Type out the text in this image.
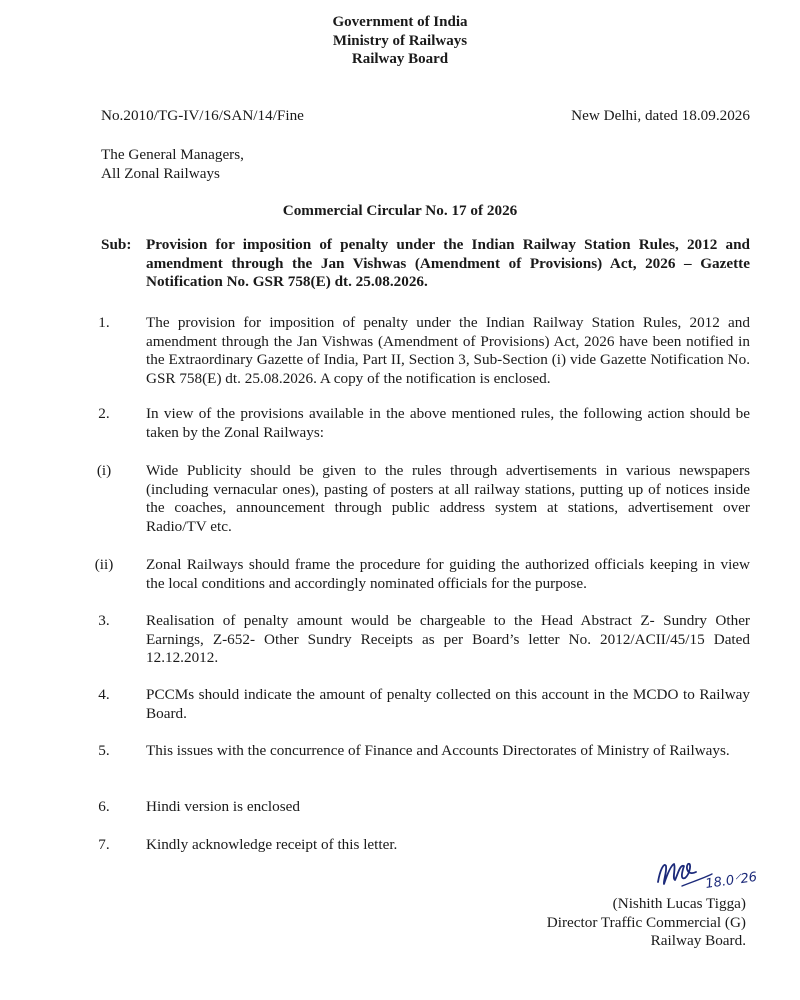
Government of India
Ministry of Railways
Railway Board
No.2010/TG-IV/16/SAN/14/Fine	New Delhi, dated 18.09.2026
The General Managers,
All Zonal Railways
Commercial Circular No. 17 of 2026
Sub: Provision for imposition of penalty under the Indian Railway Station Rules, 2012 and amendment through the Jan Vishwas (Amendment of Provisions) Act, 2026 – Gazette Notification No. GSR 758(E) dt. 25.08.2026.
1.	The provision for imposition of penalty under the Indian Railway Station Rules, 2012 and amendment through the Jan Vishwas (Amendment of Provisions) Act, 2026 have been notified in the Extraordinary Gazette of India, Part II, Section 3, Sub-Section (i) vide Gazette Notification No. GSR 758(E) dt. 25.08.2026. A copy of the notification is enclosed.
2.	In view of the provisions available in the above mentioned rules, the following action should be taken by the Zonal Railways:
(i)	Wide Publicity should be given to the rules through advertisements in various newspapers (including vernacular ones), pasting of posters at all railway stations, putting up of notices inside the coaches, announcement through public address system at stations, advertisement over Radio/TV etc.
(ii)	Zonal Railways should frame the procedure for guiding the authorized officials keeping in view the local conditions and accordingly nominated officials for the purpose.
3.	Realisation of penalty amount would be chargeable to the Head Abstract Z- Sundry Other Earnings, Z-652- Other Sundry Receipts as per Board’s letter No. 2012/ACII/45/15 Dated 12.12.2012.
4.	PCCMs should indicate the amount of penalty collected on this account in the MCDO to Railway Board.
5.	This issues with the concurrence of Finance and Accounts Directorates of Ministry of Railways.
6.	Hindi version is enclosed
7.	Kindly acknowledge receipt of this letter.
18.0⸍26
(Nishith Lucas Tigga)
Director Traffic Commercial (G)
Railway Board.
